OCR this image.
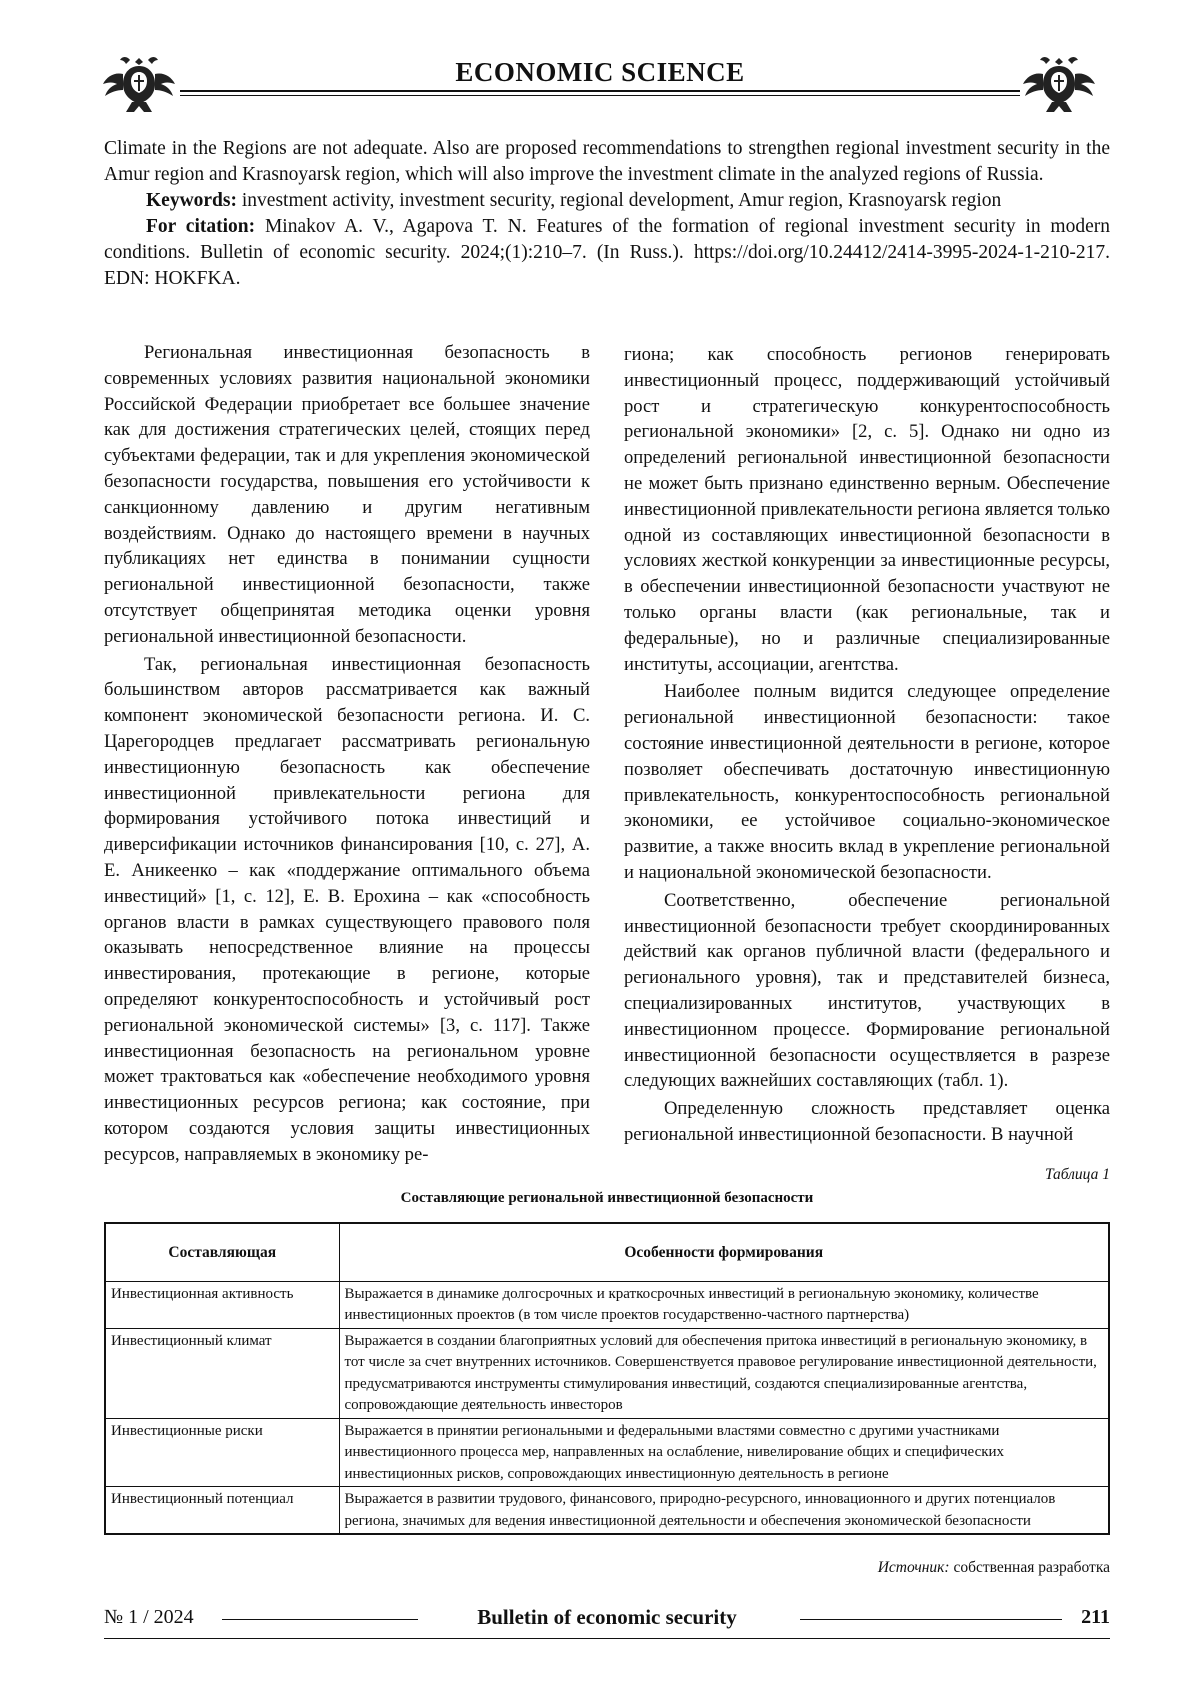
ECONOMIC SCIENCE

Climate in the Regions are not adequate. Also are proposed recommendations to strengthen regional investment security in the Amur region and Krasnoyarsk region, which will also improve the investment climate in the analyzed regions of Russia.

Keywords: investment activity, investment security, regional development, Amur region, Krasnoyarsk region

For citation: Minakov A. V., Agapova T. N. Features of the formation of regional investment security in modern conditions. Bulletin of economic security. 2024;(1):210–7. (In Russ.). https://doi.org/10.24412/2414-3995-2024-1-210-217. EDN: HOKFKA.

Региональная инвестиционная безопасность в современных условиях развития национальной экономики Российской Федерации приобретает все большее значение как для достижения стратегических целей, стоящих перед субъектами федерации, так и для укрепления экономической безопасности государства, повышения его устойчивости к санкционному давлению и другим негативным воздействиям. Однако до настоящего времени в научных публикациях нет единства в понимании сущности региональной инвестиционной безопасности, также отсутствует общепринятая методика оценки уровня региональной инвестиционной безопасности.

Так, региональная инвестиционная безопасность большинством авторов рассматривается как важный компонент экономической безопасности региона. И. С. Царегородцев предлагает рассматривать региональную инвестиционную безопасность как обеспечение инвестиционной привлекательности региона для формирования устойчивого потока инвестиций и диверсификации источников финансирования [10, с. 27], А. Е. Аникеенко – как «поддержание оптимального объема инвестиций» [1, с. 12], Е. В. Ерохина – как «способность органов власти в рамках существующего правового поля оказывать непосредственное влияние на процессы инвестирования, протекающие в регионе, которые определяют конкурентоспособность и устойчивый рост региональной экономической системы» [3, с. 117]. Также инвестиционная безопасность на региональном уровне может трактоваться как «обеспечение необходимого уровня инвестиционных ресурсов региона; как состояние, при котором создаются условия защиты инвестиционных ресурсов, направляемых в экономику ре-

гиона; как способность регионов генерировать инвестиционный процесс, поддерживающий устойчивый рост и стратегическую конкурентоспособность региональной экономики» [2, с. 5]. Однако ни одно из определений региональной инвестиционной безопасности не может быть признано единственно верным. Обеспечение инвестиционной привлекательности региона является только одной из составляющих инвестиционной безопасности в условиях жесткой конкуренции за инвестиционные ресурсы, в обеспечении инвестиционной безопасности участвуют не только органы власти (как региональные, так и федеральные), но и различные специализированные институты, ассоциации, агентства.

Наиболее полным видится следующее определение региональной инвестиционной безопасности: такое состояние инвестиционной деятельности в регионе, которое позволяет обеспечивать достаточную инвестиционную привлекательность, конкурентоспособность региональной экономики, ее устойчивое социально-экономическое развитие, а также вносить вклад в укрепление региональной и национальной экономической безопасности.

Соответственно, обеспечение региональной инвестиционной безопасности требует скоординированных действий как органов публичной власти (федерального и регионального уровня), так и представителей бизнеса, специализированных институтов, участвующих в инвестиционном процессе. Формирование региональной инвестиционной безопасности осуществляется в разрезе следующих важнейших составляющих (табл. 1).

Определенную сложность представляет оценка региональной инвестиционной безопасности. В научной

Таблица 1
Составляющие региональной инвестиционной безопасности
Составляющая	Особенности формирования
Инвестиционная активность	Выражается в динамике долгосрочных и краткосрочных инвестиций в региональную экономику, количестве инвестиционных проектов (в том числе проектов государственно-частного партнерства)
Инвестиционный климат	Выражается в создании благоприятных условий для обеспечения притока инвестиций в региональную экономику, в тот числе за счет внутренних источников. Совершенствуется правовое регулирование инвестиционной деятельности, предусматриваются инструменты стимулирования инвестиций, создаются специализированные агентства, сопровождающие деятельность инвесторов
Инвестиционные риски	Выражается в принятии региональными и федеральными властями совместно с другими участниками инвестиционного процесса мер, направленных на ослабление, нивелирование общих и специфических инвестиционных рисков, сопровождающих инвестиционную деятельность в регионе
Инвестиционный потенциал	Выражается в развитии трудового, финансового, природно-ресурсного, инновационного и других потенциалов региона, значимых для ведения инвестиционной деятельности и обеспечения экономической безопасности
Источник: собственная разработка
№ 1 / 2024	Bulletin of economic security	211
